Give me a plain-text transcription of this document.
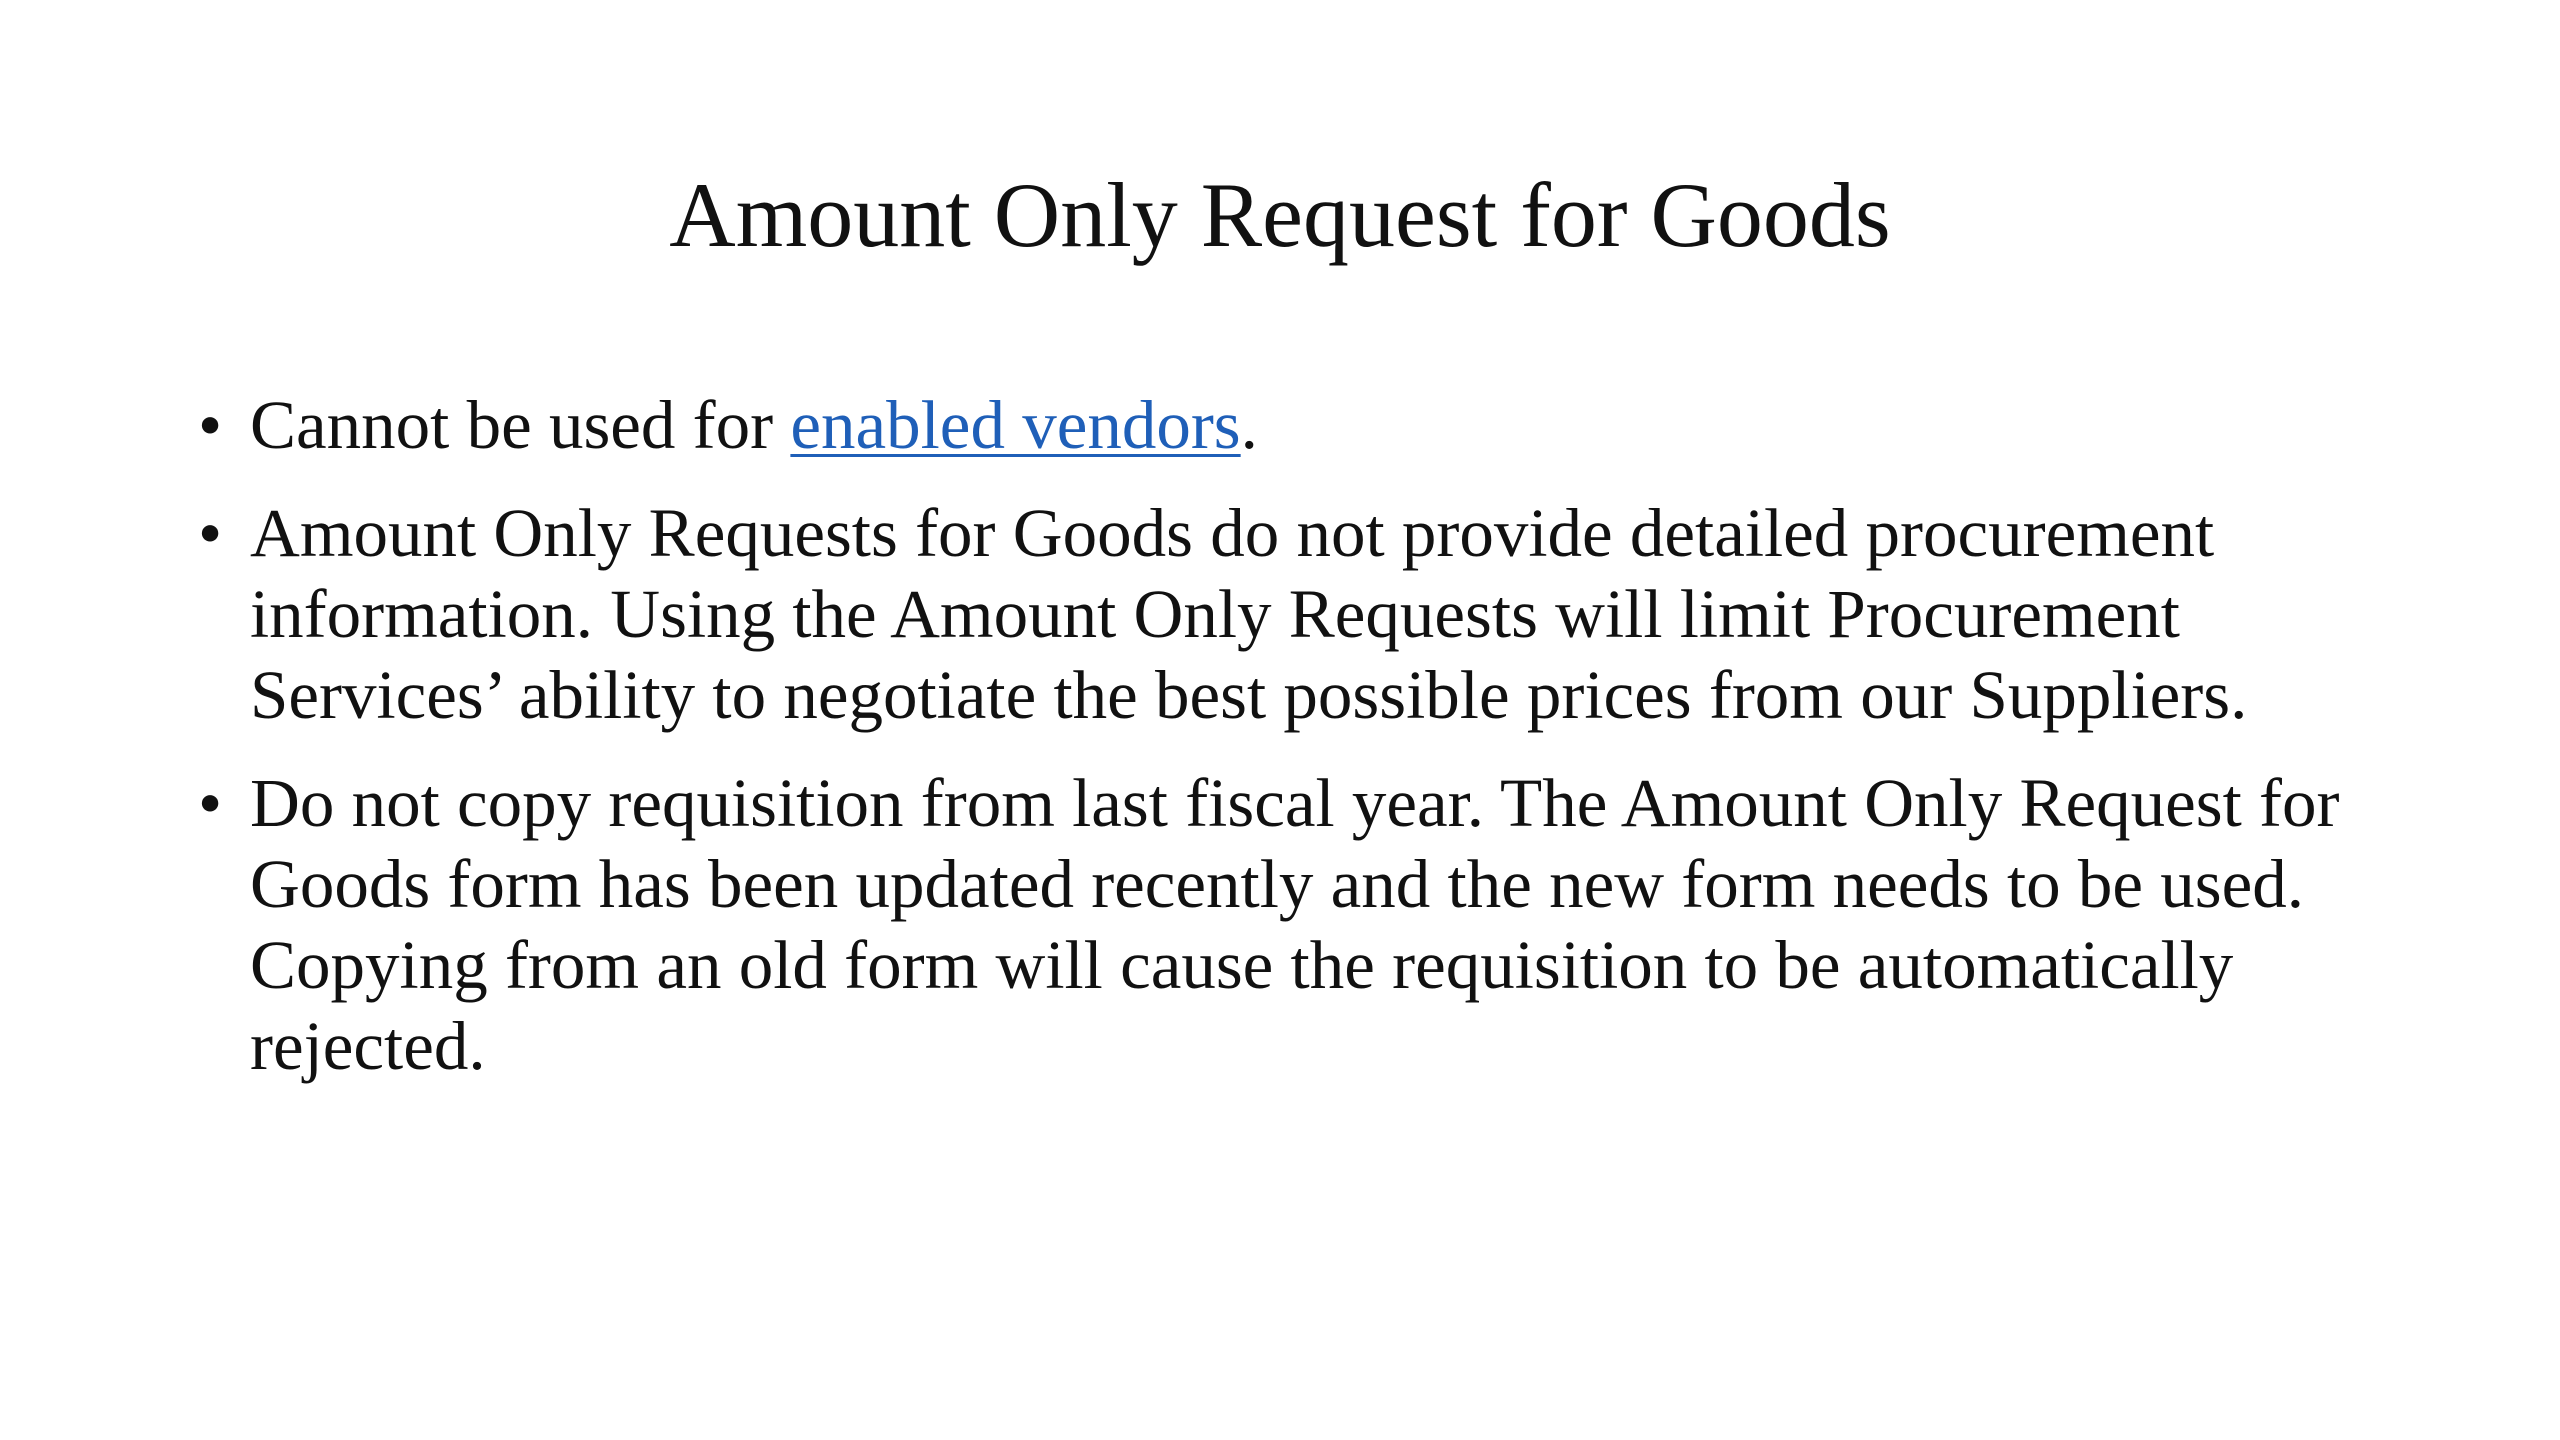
Amount Only Request for Goods
• Cannot be used for enabled vendors.
• Amount Only Requests for Goods do not provide detailed procurement information. Using the Amount Only Requests will limit Procurement Services’ ability to negotiate the best possible prices from our Suppliers.
• Do not copy requisition from last fiscal year. The Amount Only Request for Goods form has been updated recently and the new form needs to be used. Copying from an old form will cause the requisition to be automatically rejected.
